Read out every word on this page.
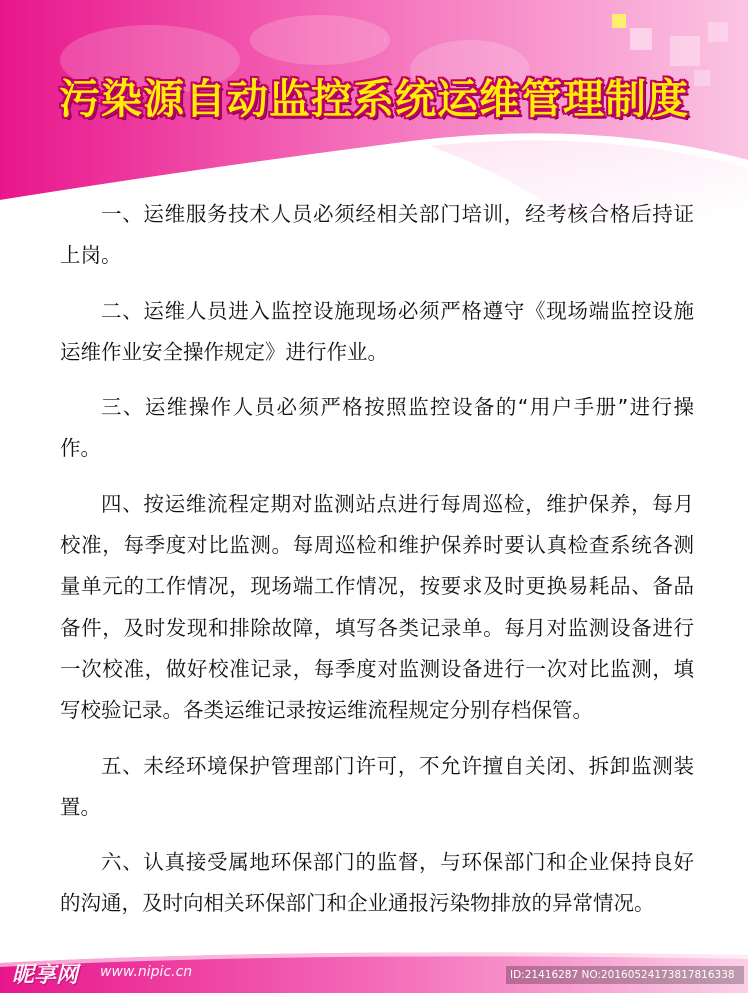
污染源自动监控系统运维管理制度

一、运维服务技术人员必须经相关部门培训，经考核合格后持证上岗。

二、运维人员进入监控设施现场必须严格遵守《现场端监控设施运维作业安全操作规定》进行作业。

三、运维操作人员必须严格按照监控设备的“用户手册”进行操作。

四、按运维流程定期对监测站点进行每周巡检，维护保养，每月校准，每季度对比监测。每周巡检和维护保养时要认真检查系统各测量单元的工作情况，现场端工作情况，按要求及时更换易耗品、备品备件，及时发现和排除故障，填写各类记录单。每月对监测设备进行一次校准，做好校准记录，每季度对监测设备进行一次对比监测，填写校验记录。各类运维记录按运维流程规定分别存档保管。

五、未经环境保护管理部门许可，不允许擅自关闭、拆卸监测装置。

六、认真接受属地环保部门的监督，与环保部门和企业保持良好的沟通，及时向相关环保部门和企业通报污染物排放的异常情况。

昵享网 www.nipic.cn	ID:21416287 NO:20160524173817816338
